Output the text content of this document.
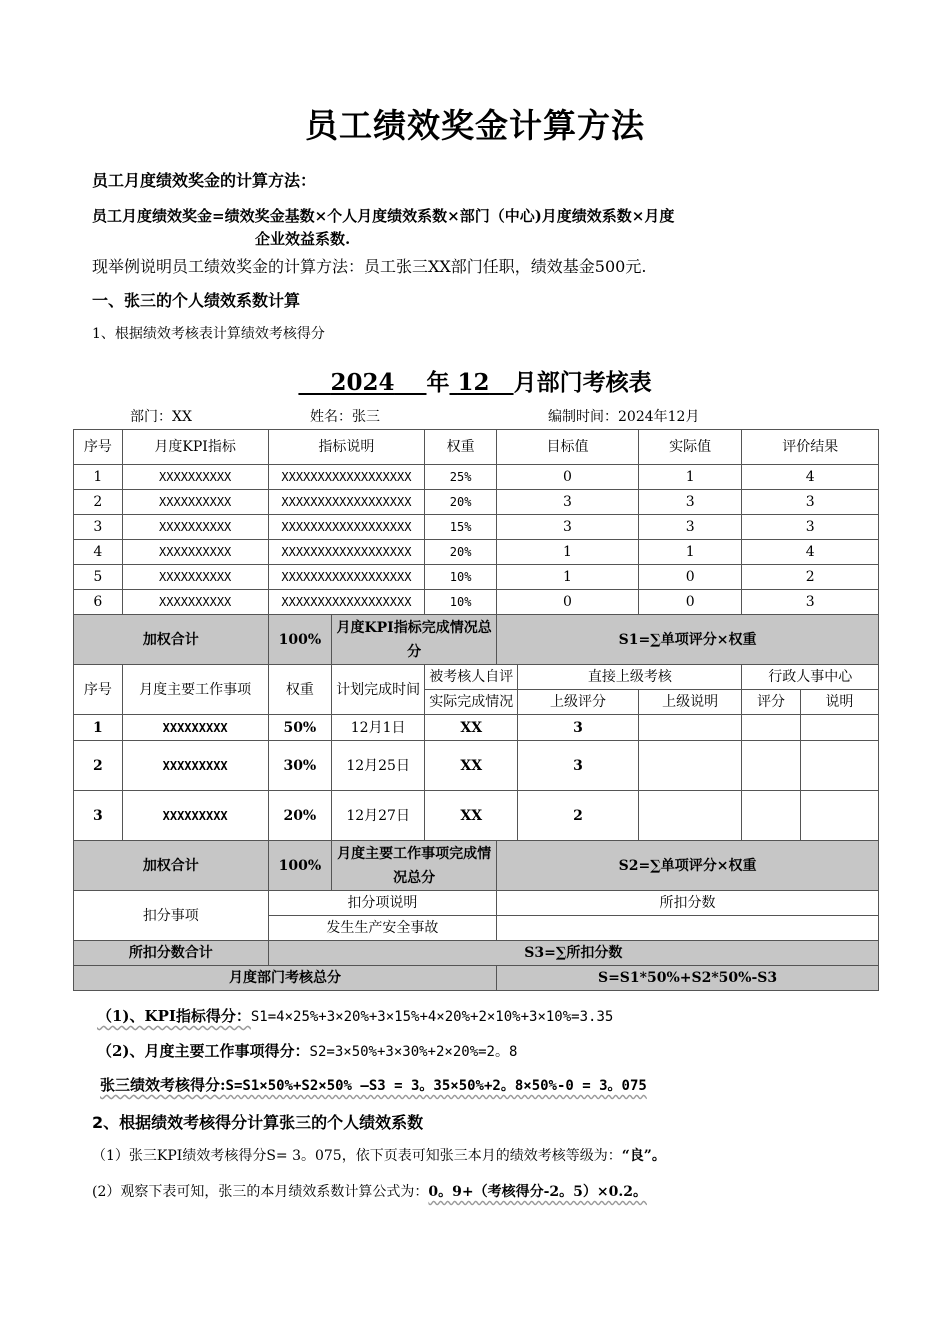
员工绩效奖金计算方法
员工月度绩效奖金的计算方法：
员工月度绩效奖金=绩效奖金基数×个人月度绩效系数×部门（中心)月度绩效系数×月度
企业效益系数.
现举例说明员工绩效奖金的计算方法：员工张三XX部门任职，绩效基金500元.
一、张三的个人绩效系数计算
1、根据绩效考核表计算绩效考核得分
2024 年 12 月部门考核表
部门：XX	姓名：张三	编制时间：2024年12月
序号	月度KPI指标	指标说明		权重	目标值		实际值	评价结果	
1	XXXXXXXXXX	XXXXXXXXXXXXXXXXXX		25%	0		1	4	
2	XXXXXXXXXX	XXXXXXXXXXXXXXXXXX		20%	3		3	3	
3	XXXXXXXXXX	XXXXXXXXXXXXXXXXXX		15%	3		3	3	
4	XXXXXXXXXX	XXXXXXXXXXXXXXXXXX		20%	1		1	4	
5	XXXXXXXXXX	XXXXXXXXXXXXXXXXXX		10%	1		0	2	
6	XXXXXXXXXX	XXXXXXXXXXXXXXXXXX		10%	0		0	3	
加权合计		100%	月度KPI指标完成情况总分		S1=∑单项评分×权重				
序号	月度主要工作事项	权重	计划完成时间	被考核人自评		直接上级考核		行政人事中心	
				实际完成情况		上级评分	上级说明	评分	说明
1	XXXXXXXXX	50%	12月1日	XX		3			
2	XXXXXXXXX	30%	12月25日	XX		3			
3	XXXXXXXXX	20%	12月27日	XX		2			
加权合计		100%	月度主要工作事项完成情况总分		S2=∑单项评分×权重				
扣分事项		扣分项说明			所扣分数				
		发生生产安全事故							
所扣分数合计		S3=∑所扣分数							
月度部门考核总分					S=S1*50%+S2*50%-S3				
（1)、KPI指标得分：S1=4×25%+3×20%+3×15%+4×20%+2×10%+3×10%=3.35
（2)、月度主要工作事项得分：S2=3×50%+3×30%+2×20%=2。8
张三绩效考核得分:S=S1×50%+S2×50% —S3 = 3。35×50%+2。8×50%-0 = 3。075
2、根据绩效考核得分计算张三的个人绩效系数
（1）张三KPI绩效考核得分S= 3。075，依下页表可知张三本月的绩效考核等级为：“良”。
(2）观察下表可知，张三的本月绩效系数计算公式为：0。9+（考核得分-2。5）×0.2。
